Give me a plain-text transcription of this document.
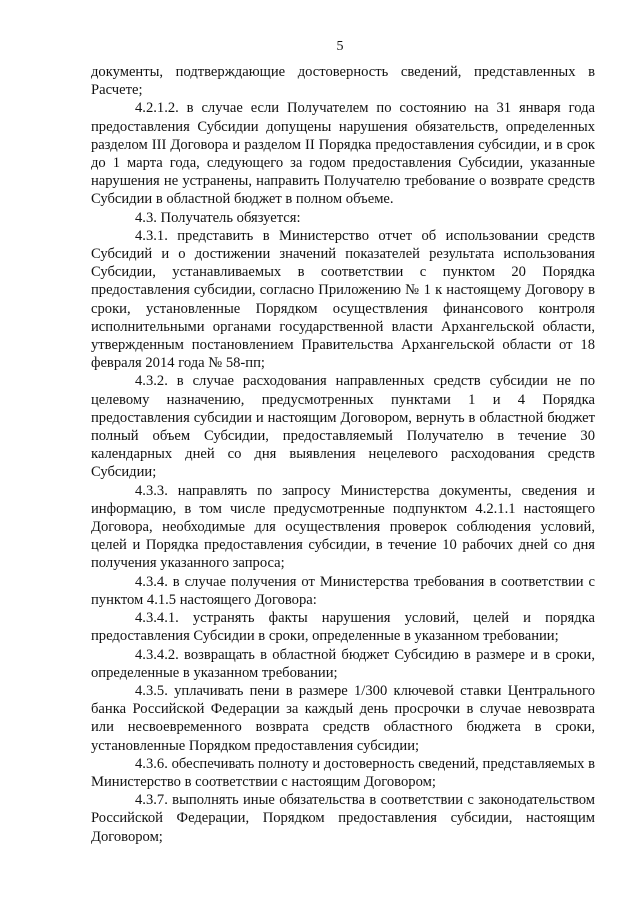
5

документы, подтверждающие достоверность сведений, представленных в Расчете;

4.2.1.2. в случае если Получателем по состоянию на 31 января года предоставления Субсидии допущены нарушения обязательств, определенных разделом III Договора и разделом II Порядка предоставления субсидии, и в срок до 1 марта года, следующего за годом предоставления Субсидии, указанные нарушения не устранены, направить Получателю требование о возврате средств Субсидии в областной бюджет в полном объеме.

4.3. Получатель обязуется:

4.3.1. представить в Министерство отчет об использовании средств Субсидий и о достижении значений показателей результата использования Субсидии, устанавливаемых в соответствии с пунктом 20 Порядка предоставления субсидии, согласно Приложению № 1 к настоящему Договору в сроки, установленные Порядком осуществления финансового контроля исполнительными органами государственной власти Архангельской области, утвержденным постановлением Правительства Архангельской области от 18 февраля 2014 года № 58-пп;

4.3.2. в случае расходования направленных средств субсидии не по целевому назначению, предусмотренных пунктами 1 и 4 Порядка предоставления субсидии и настоящим Договором, вернуть в областной бюджет полный объем Субсидии, предоставляемый Получателю в течение 30 календарных дней со дня выявления нецелевого расходования средств Субсидии;

4.3.3. направлять по запросу Министерства документы, сведения и информацию, в том числе предусмотренные подпунктом 4.2.1.1 настоящего Договора, необходимые для осуществления проверок соблюдения условий, целей и Порядка предоставления субсидии, в течение 10 рабочих дней со дня получения указанного запроса;

4.3.4. в случае получения от Министерства требования в соответствии с пунктом 4.1.5 настоящего Договора:

4.3.4.1. устранять факты нарушения условий, целей и порядка предоставления Субсидии в сроки, определенные в указанном требовании;

4.3.4.2. возвращать в областной бюджет Субсидию в размере и в сроки, определенные в указанном требовании;

4.3.5. уплачивать пени в размере 1/300 ключевой ставки Центрального банка Российской Федерации за каждый день просрочки в случае невозврата или несвоевременного возврата средств областного бюджета в сроки, установленные Порядком предоставления субсидии;

4.3.6. обеспечивать полноту и достоверность сведений, представляемых в Министерство в соответствии с настоящим Договором;

4.3.7. выполнять иные обязательства в соответствии с законодательством Российской Федерации, Порядком предоставления субсидии, настоящим Договором;
